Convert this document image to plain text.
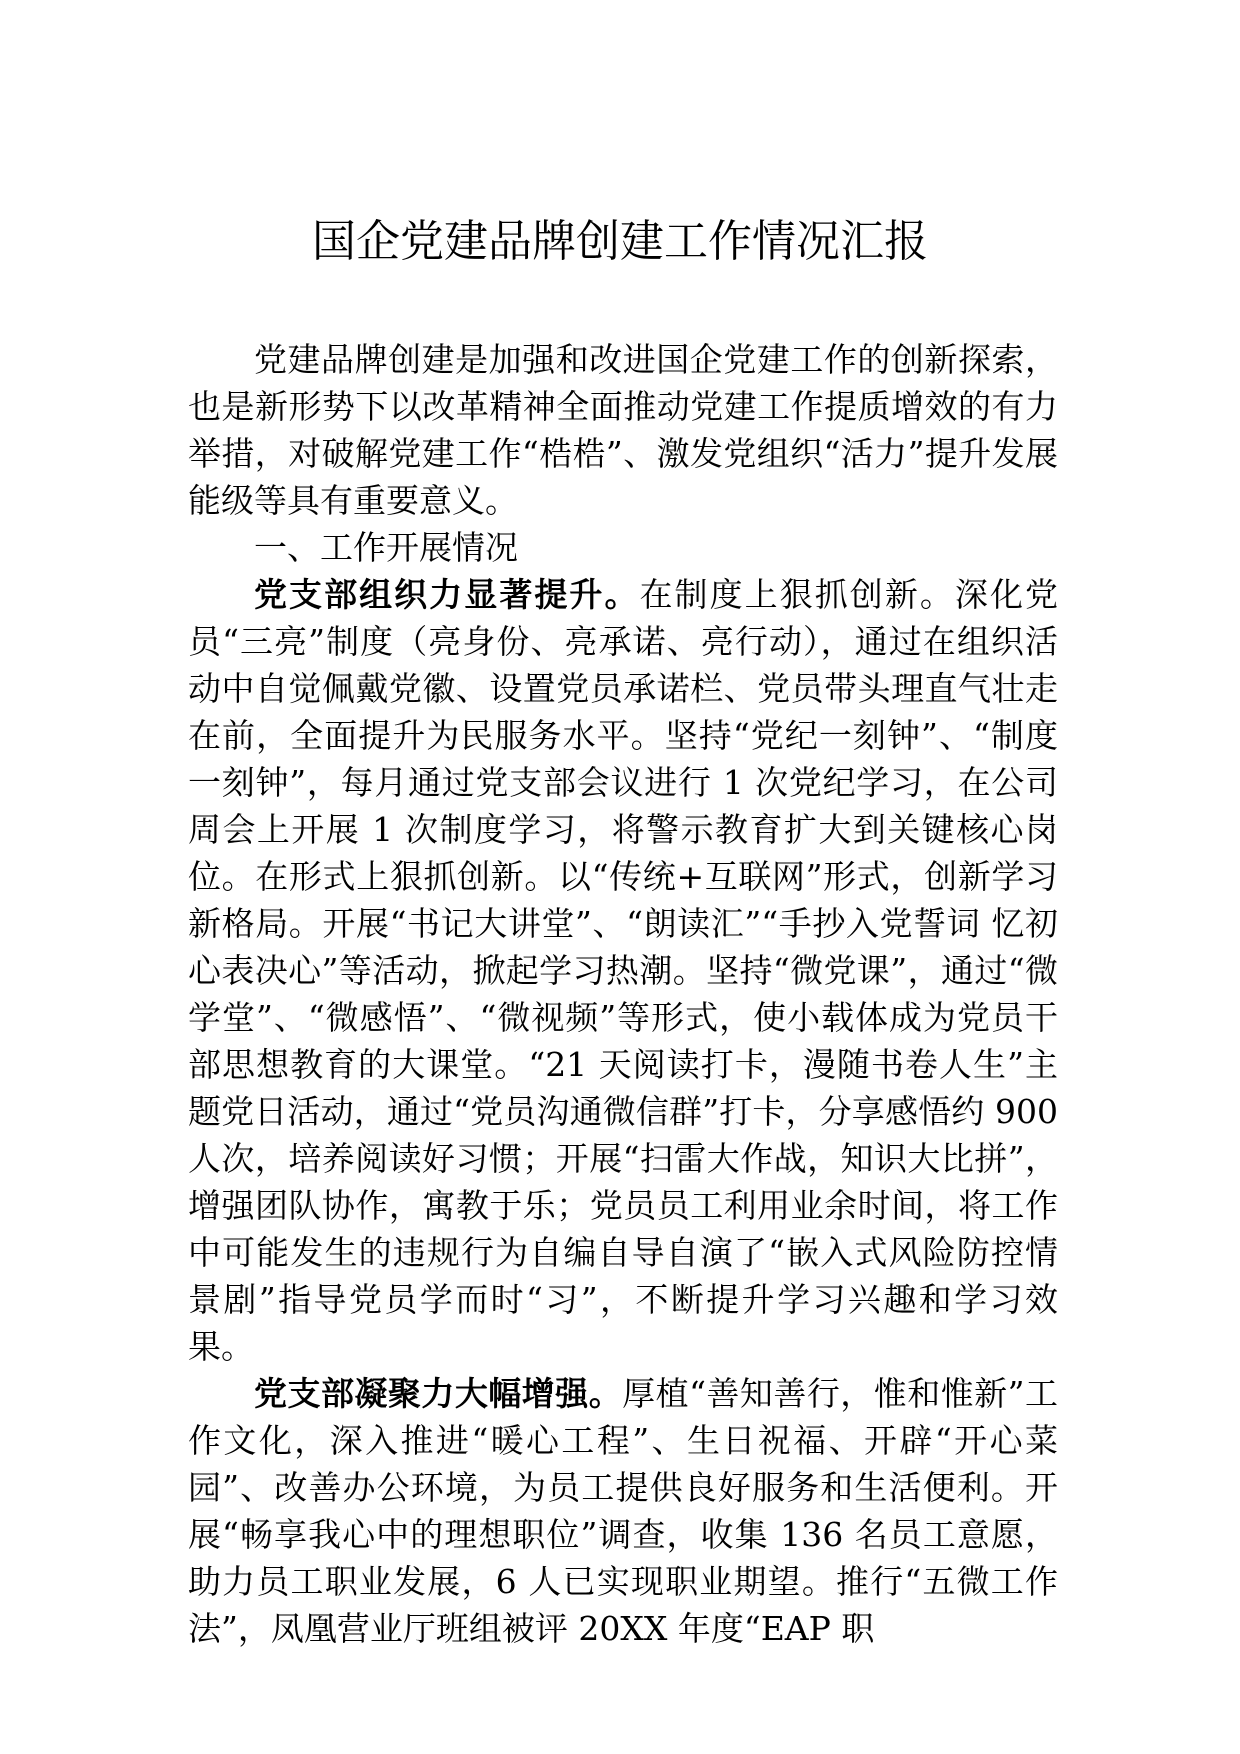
国企党建品牌创建工作情况汇报

党建品牌创建是加强和改进国企党建工作的创新探索，也是新形势下以改革精神全面推动党建工作提质增效的有力举措，对破解党建工作“梏梏”、激发党组织“活力”提升发展能级等具有重要意义。

一、工作开展情况

党支部组织力显著提升。在制度上狠抓创新。深化党员“三亮”制度（亮身份、亮承诺、亮行动），通过在组织活动中自觉佩戴党徽、设置党员承诺栏、党员带头理直气壮走在前，全面提升为民服务水平。坚持“党纪一刻钟”、“制度一刻钟”，每月通过党支部会议进行 1 次党纪学习，在公司周会上开展 1 次制度学习，将警示教育扩大到关键核心岗位。在形式上狠抓创新。以“传统+互联网”形式，创新学习新格局。开展“书记大讲堂”、“朗读汇”“手抄入党誓词 忆初心表决心”等活动，掀起学习热潮。坚持“微党课”，通过“微学堂”、“微感悟”、“微视频”等形式，使小载体成为党员干部思想教育的大课堂。“21 天阅读打卡，漫随书卷人生”主题党日活动，通过“党员沟通微信群”打卡，分享感悟约 900 人次，培养阅读好习惯；开展“扫雷大作战，知识大比拼”，增强团队协作，寓教于乐；党员员工利用业余时间，将工作中可能发生的违规行为自编自导自演了“嵌入式风险防控情景剧”指导党员学而时“习”，不断提升学习兴趣和学习效果。

党支部凝聚力大幅增强。厚植“善知善行，惟和惟新”工作文化，深入推进“暖心工程”、生日祝福、开辟“开心菜园”、改善办公环境，为员工提供良好服务和生活便利。开展“畅享我心中的理想职位”调查，收集 136 名员工意愿，助力员工职业发展，6 人已实现职业期望。推行“五微工作法”，凤凰营业厅班组被评 20XX 年度“EAP 职
